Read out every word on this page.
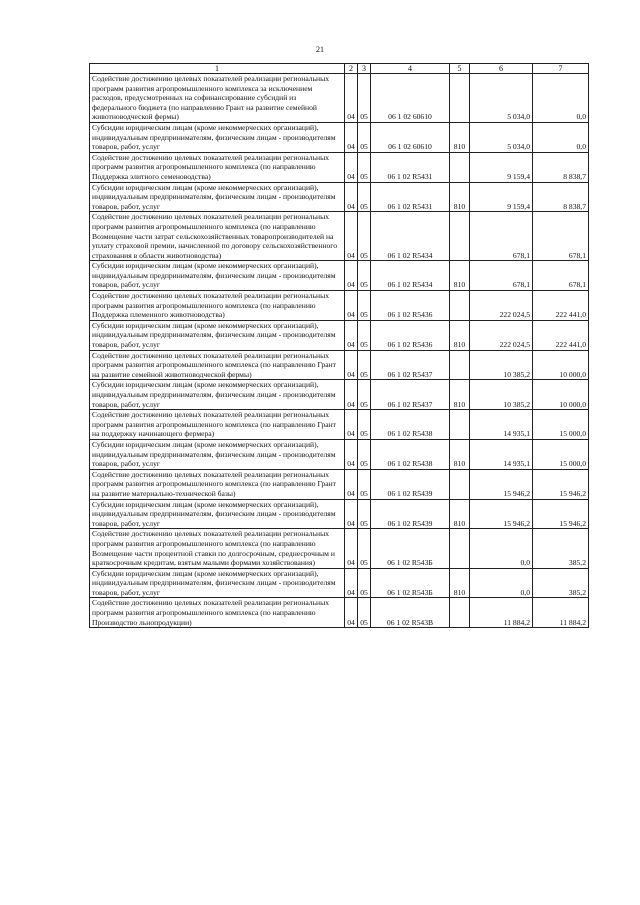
21
1	2	3	4	5	6	7
Содействие достижению целевых показателей реализации региональных программ развития агропромышленного комплекса за исключением расходов, предусмотренных на софинансирование субсидий из федерального бюджета (по направлению Грант на развитие семейной животноводческой фермы)	04	05	06 1 02 60610		5 034,0	0,0
Субсидии юридическим лицам (кроме некоммерческих организаций), индивидуальным предпринимателям, физическим лицам - производителям товаров, работ, услуг	04	05	06 1 02 60610	810	5 034,0	0,0
Содействие достижению целевых показателей реализации региональных программ развития агропромышленного комплекса (по направлению Поддержка элитного семеноводства)	04	05	06 1 02 R5431		9 159,4	8 838,7
Субсидии юридическим лицам (кроме некоммерческих организаций), индивидуальным предпринимателям, физическим лицам - производителям товаров, работ, услуг	04	05	06 1 02 R5431	810	9 159,4	8 838,7
Содействие достижению целевых показателей реализации региональных программ развития агропромышленного комплекса (по направлению Возмещение части затрат сельскохозяйственных товаропроизводителей на уплату страховой премии, начисленной по договору сельскохозяйственного страхования в области животноводства)	04	05	06 1 02 R5434		678,1	678,1
Субсидии юридическим лицам (кроме некоммерческих организаций), индивидуальным предпринимателям, физическим лицам - производителям товаров, работ, услуг	04	05	06 1 02 R5434	810	678,1	678,1
Содействие достижению целевых показателей реализации региональных программ развития агропромышленного комплекса (по направлению Поддержка племенного животноводства)	04	05	06 1 02 R5436		222 024,5	222 441,0
Субсидии юридическим лицам (кроме некоммерческих организаций), индивидуальным предпринимателям, физическим лицам - производителям товаров, работ, услуг	04	05	06 1 02 R5436	810	222 024,5	222 441,0
Содействие достижению целевых показателей реализации региональных программ развития агропромышленного комплекса (по направлению Грант на развитие семейной животноводческой фермы)	04	05	06 1 02 R5437		10 385,2	10 000,0
Субсидии юридическим лицам (кроме некоммерческих организаций), индивидуальным предпринимателям, физическим лицам - производителям товаров, работ, услуг	04	05	06 1 02 R5437	810	10 385,2	10 000,0
Содействие достижению целевых показателей реализации региональных программ развития агропромышленного комплекса (по направлению Грант на поддержку начинающего фермера)	04	05	06 1 02 R5438		14 935,1	15 000,0
Субсидии юридическим лицам (кроме некоммерческих организаций), индивидуальным предпринимателям, физическим лицам - производителям товаров, работ, услуг	04	05	06 1 02 R5438	810	14 935,1	15 000,0
Содействие достижению целевых показателей реализации региональных программ развития агропромышленного комплекса (по направлению Грант на развитие материально-технической базы)	04	05	06 1 02 R5439		15 946,2	15 946,2
Субсидии юридическим лицам (кроме некоммерческих организаций), индивидуальным предпринимателям, физическим лицам - производителям товаров, работ, услуг	04	05	06 1 02 R5439	810	15 946,2	15 946,2
Содействие достижению целевых показателей реализации региональных программ развития агропромышленного комплекса (по направлению Возмещение части процентной ставки по долгосрочным, среднесрочным и краткосрочным кредитам, взятым малыми формами хозяйствования)	04	05	06 1 02 R543Б		0,0	385,2
Субсидии юридическим лицам (кроме некоммерческих организаций), индивидуальным предпринимателям, физическим лицам - производителям товаров, работ, услуг	04	05	06 1 02 R543Б	810	0,0	385,2
Содействие достижению целевых показателей реализации региональных программ развития агропромышленного комплекса (по направлению Производство льнопродукции)	04	05	06 1 02 R543В		11 884,2	11 884,2
